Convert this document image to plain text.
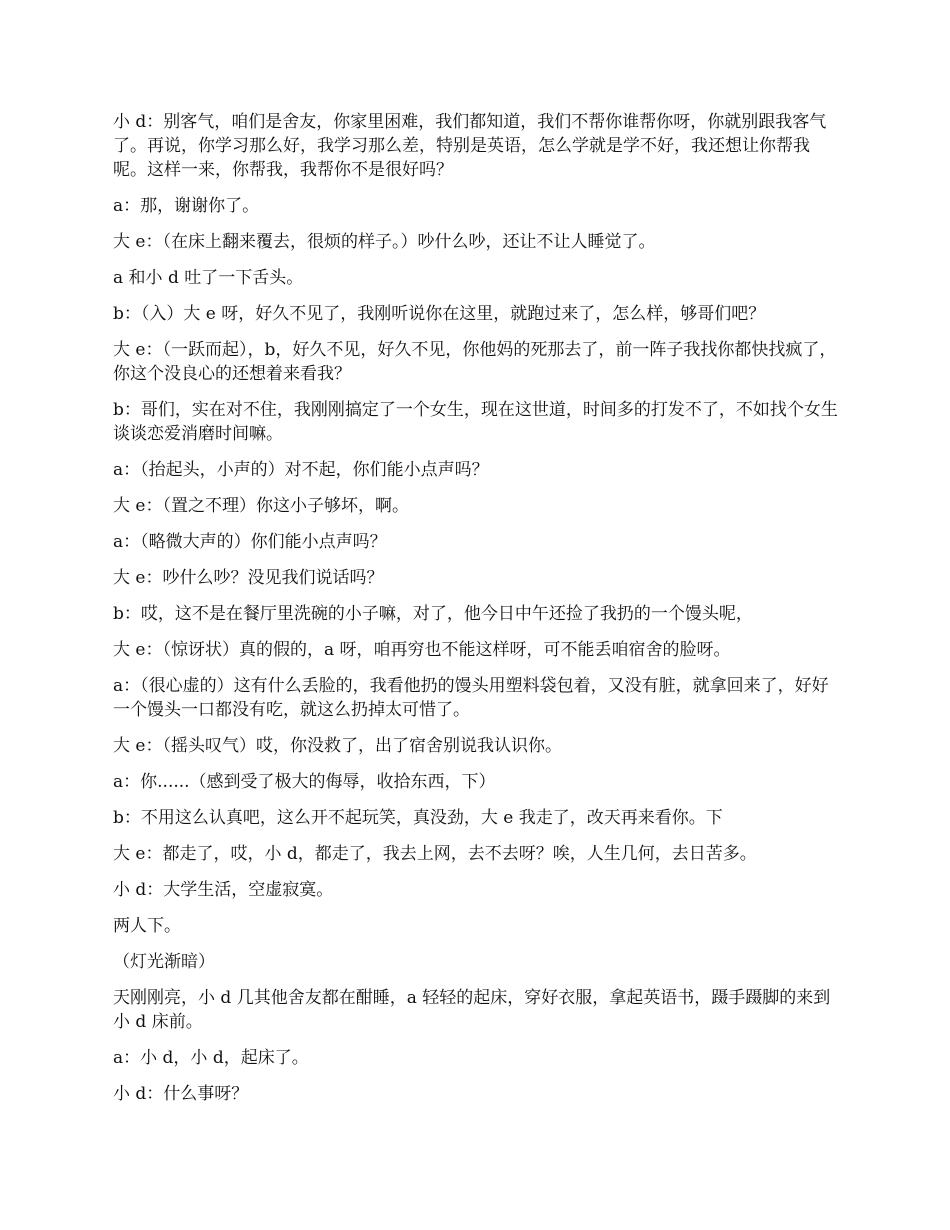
小 d：别客气，咱们是舍友，你家里困难，我们都知道，我们不帮你谁帮你呀，你就别跟我客气了。再说，你学习那么好，我学习那么差，特别是英语，怎么学就是学不好，我还想让你帮我呢。这样一来，你帮我，我帮你不是很好吗？

a：那，谢谢你了。

大 e：（在床上翻来覆去，很烦的样子。）吵什么吵，还让不让人睡觉了。

a 和小 d 吐了一下舌头。

b：（入）大 e 呀，好久不见了，我刚听说你在这里，就跑过来了，怎么样，够哥们吧？

大 e：（一跃而起），b，好久不见，好久不见，你他妈的死那去了，前一阵子我找你都快找疯了，你这个没良心的还想着来看我？

b：哥们，实在对不住，我刚刚搞定了一个女生，现在这世道，时间多的打发不了，不如找个女生谈谈恋爱消磨时间嘛。

a：（抬起头，小声的）对不起，你们能小点声吗？

大 e：（置之不理）你这小子够坏，啊。

a：（略微大声的）你们能小点声吗？

大 e：吵什么吵？没见我们说话吗？

b：哎，这不是在餐厅里洗碗的小子嘛，对了，他今日中午还捡了我扔的一个馒头呢，

大 e：（惊讶状）真的假的，a 呀，咱再穷也不能这样呀，可不能丢咱宿舍的脸呀。

a：（很心虚的）这有什么丢脸的，我看他扔的馒头用塑料袋包着，又没有脏，就拿回来了，好好一个馒头一口都没有吃，就这么扔掉太可惜了。

大 e：（摇头叹气）哎，你没救了，出了宿舍别说我认识你。

a：你......（感到受了极大的侮辱，收拾东西，下）

b：不用这么认真吧，这么开不起玩笑，真没劲，大 e 我走了，改天再来看你。下

大 e：都走了，哎，小 d，都走了，我去上网，去不去呀？唉，人生几何，去日苦多。

小 d：大学生活，空虚寂寞。

两人下。

（灯光渐暗）

天刚刚亮，小 d 几其他舍友都在酣睡，a 轻轻的起床，穿好衣服，拿起英语书，蹑手蹑脚的来到小 d 床前。

a：小 d，小 d，起床了。

小 d：什么事呀？
